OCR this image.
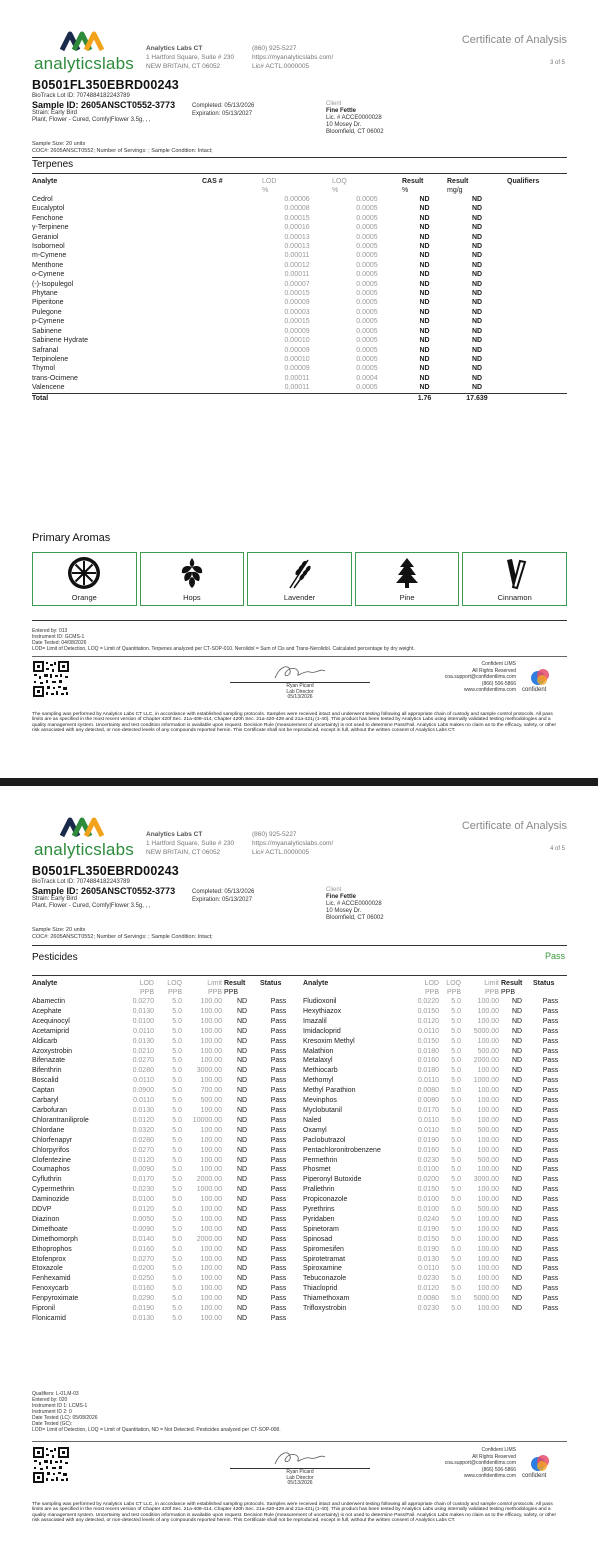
analyticslabs
Analytics Labs CT
1 Hartford Square, Suite # 230
NEW BRITAIN, CT 06052
(860) 925-5227
https://myanalyticslabs.com/
Lic# ACTL.0000005
Certificate of Analysis
3 of 5
B0501FL350EBRD00243
BioTrack Lot ID: 7074884182243789
Sample ID: 2605ANSCT0552-3773
Strain: Early Bird
Plant, Flower - Cured, Comfy|Flower 3.5g, , ,
Completed: 05/13/2026
Expiration: 05/13/2027
Client
Fine Fettle
Lic. # ACCE0000028
10 Mosey Dr.
Bloomfield, CT 06002
Sample Size: 20 units
COC#: 2605ANSCT0552; Number of Servings: ; Sample Condition: Intact;
Terpenes
Analyte	CAS #	LOD	LOQ	Result	Result	Qualifiers
		%	%	%	mg/g	
Cedrol		0.00006	0.0005	ND	ND	
Eucalyptol		0.00008	0.0005	ND	ND	
Fenchone		0.00015	0.0005	ND	ND	
γ-Terpinene		0.00016	0.0005	ND	ND	
Geraniol		0.00013	0.0005	ND	ND	
Isoborneol		0.00013	0.0005	ND	ND	
m-Cymene		0.00011	0.0005	ND	ND	
Menthone		0.00012	0.0005	ND	ND	
o-Cymene		0.00011	0.0005	ND	ND	
(-)-Isopulegol		0.00007	0.0005	ND	ND	
Phytane		0.00015	0.0005	ND	ND	
Piperitone		0.00009	0.0005	ND	ND	
Pulegone		0.00003	0.0005	ND	ND	
p-Cymene		0.00015	0.0005	ND	ND	
Sabinene		0.00009	0.0005	ND	ND	
Sabinene Hydrate		0.00010	0.0005	ND	ND	
Safranal		0.00009	0.0005	ND	ND	
Terpinolene		0.00010	0.0005	ND	ND	
Thymol		0.00009	0.0005	ND	ND	
trans-Ocimene		0.00011	0.0004	ND	ND	
Valencene		0.00011	0.0005	ND	ND	
Total				1.76	17.639	
Primary Aromas
Orange	Hops	Lavender	Pine	Cinnamon
Entered by: 013
Instrument ID: GCMS-1
Date Tested: 04/08/2026
LOD= Limit of Detection, LOQ = Limit of Quantitation. Terpenes analyzed per CT-SOP-010. Nerolidol = Sum of Cis and Trans-Nerolidol. Calculated percentage by dry weight.
Ryan Picard
Lab Director
05/13/2026
Confident LIMS
All Rights Reserved
coa.support@confidentlims.com
(866) 506-5866
www.confidentlims.com confident
The sampling was performed by Analytics Labs CT LLC, in accordance with established sampling protocols. Samples were received intact and underwent testing following all appropriate chain of custody and sample control protocols. All pass limits are as specified in the most recent version of Chapter 420f Sec. 21a-408-414, Chapter 420h Sec. 21a-420-429 and 21a-421j (1-40). This product has been tested by Analytics Labs using internally validated testing methodologies and a quality management system. Uncertainty and test condition information is available upon request. Decision Rule (measurement of uncertainty) is not used to determine Pass/Fail. Analytics Labs makes no claim as to the efficacy, safety, or other risk associated with any detected, or non-detected levels of any compounds reported herein. This Certificate shall not be reproduced, except in full, without the written consent of Analytics Labs CT.
analyticslabs
Analytics Labs CT
1 Hartford Square, Suite # 230
NEW BRITAIN, CT 06052
(860) 925-5227
https://myanalyticslabs.com/
Lic# ACTL.0000005
Certificate of Analysis
4 of 5
B0501FL350EBRD00243
BioTrack Lot ID: 7074884182243789
Sample ID: 2605ANSCT0552-3773
Strain: Early Bird
Plant, Flower - Cured, Comfy|Flower 3.5g, , ,
Completed: 05/13/2026
Expiration: 05/13/2027
Client
Fine Fettle
Lic. # ACCE0000028
10 Mosey Dr.
Bloomfield, CT 06002
Sample Size: 20 units
COC#: 2605ANSCT0552; Number of Servings: ; Sample Condition: Intact;
Pesticides	Pass
Qualifiers: L-01,M-03
Entered by: 020
Instrument ID 1: LCMS-1
Instrument ID 2: 0
Date Tested (LC): 05/08/2026
Date Tested (GC):
LOD= Limit of Detection, LOQ = Limit of Quantitation, ND = Not Detected. Pesticides analyzed per CT-SOP-008.
Ryan Picard
Lab Director
05/13/2026
Confident LIMS
All Rights Reserved
coa.support@confidentlims.com
(866) 506-5866
www.confidentlims.com confident
The sampling was performed by Analytics Labs CT LLC, in accordance with established sampling protocols. Samples were received intact and underwent testing following all appropriate chain of custody and sample control protocols. All pass limits are as specified in the most recent version of Chapter 420f Sec. 21a-408-414, Chapter 420h Sec. 21a-420-429 and 21a-421j (1-40). This product has been tested by Analytics Labs using internally validated testing methodologies and a quality management system. Uncertainty and test condition information is available upon request. Decision Rule (measurement of uncertainty) is not used to determine Pass/Fail. Analytics Labs makes no claim as to the efficacy, safety, or other risk associated with any detected, or non-detected levels of any compounds reported herein. This Certificate shall not be reproduced, except in full, without the written consent of Analytics Labs CT.
Analyte	LOD	LOQ	Limit	Result	Status
	PPB	PPB	PPB	PPB	
Abamectin	0.0270	5.0	100.00	ND	Pass
Acephate	0.0130	5.0	100.00	ND	Pass
Acequinocyl	0.0100	5.0	100.00	ND	Pass
Acetamiprid	0.0110	5.0	100.00	ND	Pass
Aldicarb	0.0130	5.0	100.00	ND	Pass
Azoxystrobin	0.0210	5.0	100.00	ND	Pass
Bifenazate	0.0270	5.0	100.00	ND	Pass
Bifenthrin	0.0280	5.0	3000.00	ND	Pass
Boscalid	0.0110	5.0	100.00	ND	Pass
Captan	0.0900	5.0	700.00	ND	Pass
Carbaryl	0.0110	5.0	500.00	ND	Pass
Carbofuran	0.0130	5.0	100.00	ND	Pass
Chlorantraniliprole	0.0120	5.0	10000.00	ND	Pass
Chlordane	0.0320	5.0	100.00	ND	Pass
Chlorfenapyr	0.0280	5.0	100.00	ND	Pass
Chlorpyrifos	0.0270	5.0	100.00	ND	Pass
Clofentezine	0.0120	5.0	100.00	ND	Pass
Coumaphos	0.0090	5.0	100.00	ND	Pass
Cyfluthrin	0.0170	5.0	2000.00	ND	Pass
Cypermethrin	0.0230	5.0	1000.00	ND	Pass
Daminozide	0.0100	5.0	100.00	ND	Pass
DDVP	0.0120	5.0	100.00	ND	Pass
Diazinon	0.0050	5.0	100.00	ND	Pass
Dimethoate	0.0090	5.0	100.00	ND	Pass
Dimethomorph	0.0140	5.0	2000.00	ND	Pass
Ethoprophos	0.0160	5.0	100.00	ND	Pass
Etofenprox	0.0270	5.0	100.00	ND	Pass
Etoxazole	0.0200	5.0	100.00	ND	Pass
Fenhexamid	0.0250	5.0	100.00	ND	Pass
Fenoxycarb	0.0160	5.0	100.00	ND	Pass
Fenpyroximate	0.0290	5.0	100.00	ND	Pass
Fipronil	0.0190	5.0	100.00	ND	Pass
Flonicamid	0.0130	5.0	100.00	ND	Pass
Analyte	LOD	LOQ	Limit	Result	Status
	PPB	PPB	PPB	PPB	
Fludioxonil	0.0220	5.0	100.00	ND	Pass
Hexythiazox	0.0150	5.0	100.00	ND	Pass
Imazalil	0.0120	5.0	100.00	ND	Pass
Imidacloprid	0.0110	5.0	5000.00	ND	Pass
Kresoxim Methyl	0.0150	5.0	100.00	ND	Pass
Malathion	0.0180	5.0	500.00	ND	Pass
Metalaxyl	0.0160	5.0	2000.00	ND	Pass
Methiocarb	0.0180	5.0	100.00	ND	Pass
Methomyl	0.0110	5.0	1000.00	ND	Pass
Methyl Parathion	0.0080	5.0	100.00	ND	Pass
Mevinphos	0.0080	5.0	100.00	ND	Pass
Myclobutanil	0.0170	5.0	100.00	ND	Pass
Naled	0.0110	5.0	100.00	ND	Pass
Oxamyl	0.0110	5.0	500.00	ND	Pass
Paclobutrazol	0.0190	5.0	100.00	ND	Pass
Pentachloronitrobenzene	0.0160	5.0	100.00	ND	Pass
Permethrin	0.0230	5.0	500.00	ND	Pass
Phosmet	0.0100	5.0	100.00	ND	Pass
Piperonyl Butoxide	0.0200	5.0	3000.00	ND	Pass
Prallethrin	0.0150	5.0	100.00	ND	Pass
Propiconazole	0.0100	5.0	100.00	ND	Pass
Pyrethrins	0.0100	5.0	500.00	ND	Pass
Pyridaben	0.0240	5.0	100.00	ND	Pass
Spinetoram	0.0190	5.0	100.00	ND	Pass
Spinosad	0.0150	5.0	100.00	ND	Pass
Spiromesifen	0.0190	5.0	100.00	ND	Pass
Spirotetramat	0.0130	5.0	100.00	ND	Pass
Spiroxamine	0.0110	5.0	100.00	ND	Pass
Tebuconazole	0.0230	5.0	100.00	ND	Pass
Thiacloprid	0.0120	5.0	100.00	ND	Pass
Thiamethoxam	0.0080	5.0	5000.00	ND	Pass
Trifloxystrobin	0.0230	5.0	100.00	ND	Pass
